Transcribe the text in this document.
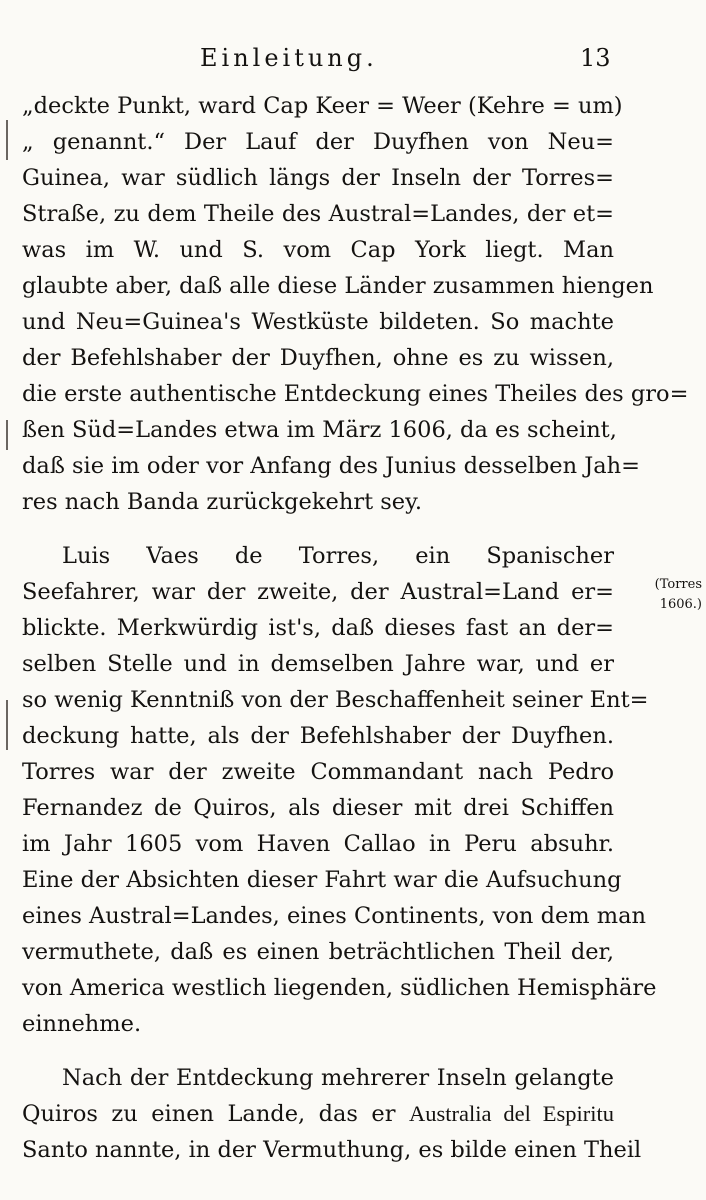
Einleitung.	13
„deckte Punkt, ward Cap Keer = Weer (Kehre = um)
„ genannt.“ Der Lauf der Duyfhen von Neu=
Guinea, war südlich längs der Inseln der Torres=
Straße, zu dem Theile des Austral=Landes, der et=
was im W. und S. vom Cap York liegt. Man
glaubte aber, daß alle diese Länder zusammen hiengen
und Neu=Guinea's Westküste bildeten. So machte
der Befehlshaber der Duyfhen, ohne es zu wissen,
die erste authentische Entdeckung eines Theiles des gro=
ßen Süd=Landes etwa im März 1606, da es scheint,
daß sie im oder vor Anfang des Junius desselben Jah=
res nach Banda zurückgekehrt sey.
Luis Vaes de Torres, ein Spanischer
Seefahrer, war der zweite, der Austral=Land er=
blickte. Merkwürdig ist's, daß dieses fast an der=
selben Stelle und in demselben Jahre war, und er
so wenig Kenntniß von der Beschaffenheit seiner Ent=
deckung hatte, als der Befehlshaber der Duyfhen.
Torres war der zweite Commandant nach Pedro
Fernandez de Quiros, als dieser mit drei Schiffen
im Jahr 1605 vom Haven Callao in Peru absuhr.
Eine der Absichten dieser Fahrt war die Aufsuchung
eines Austral=Landes, eines Continents, von dem man
vermuthete, daß es einen beträchtlichen Theil der,
von America westlich liegenden, südlichen Hemisphäre
einnehme.
Nach der Entdeckung mehrerer Inseln gelangte
Quiros zu einen Lande, das er Australia del Espiritu
Santo nannte, in der Vermuthung, es bilde einen Theil
(Torres
1606.)
